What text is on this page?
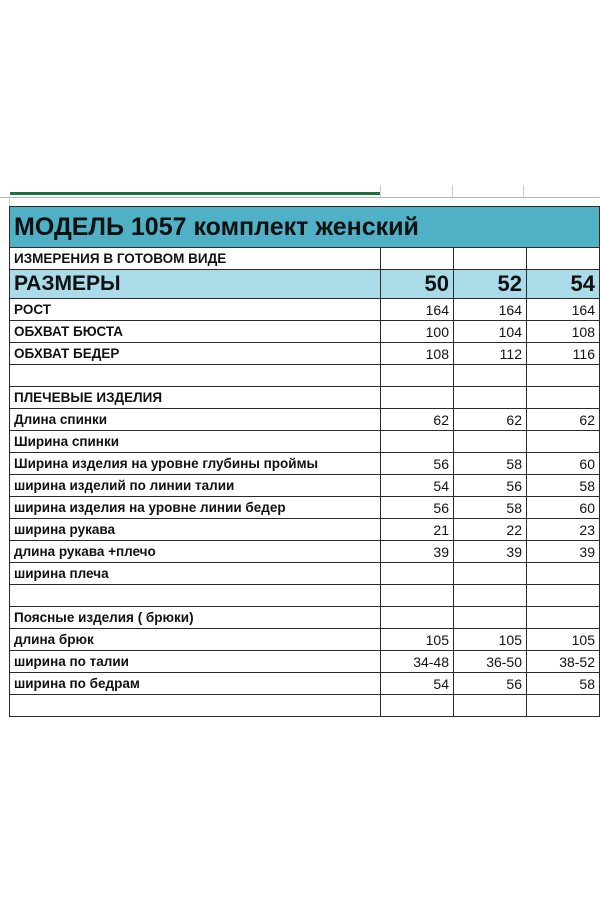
МОДЕЛЬ 1057 комплект женский			
ИЗМЕРЕНИЯ В ГОТОВОМ ВИДЕ			
РАЗМЕРЫ	50	52	54
РОСТ	164	164	164
ОБХВАТ БЮСТА	100	104	108
ОБХВАТ БЕДЕР	108	112	116

ПЛЕЧЕВЫЕ ИЗДЕЛИЯ			
Длина спинки	62	62	62
Ширина спинки			
Ширина изделия на уровне глубины проймы	56	58	60
ширина изделий по линии талии	54	56	58
ширина изделия на уровне линии бедер	56	58	60
ширина рукава	21	22	23
длина рукава +плечо	39	39	39
ширина плеча			

Поясные изделия ( брюки)			
длина брюк	105	105	105
ширина по талии	34-48	36-50	38-52
ширина по бедрам	54	56	58
